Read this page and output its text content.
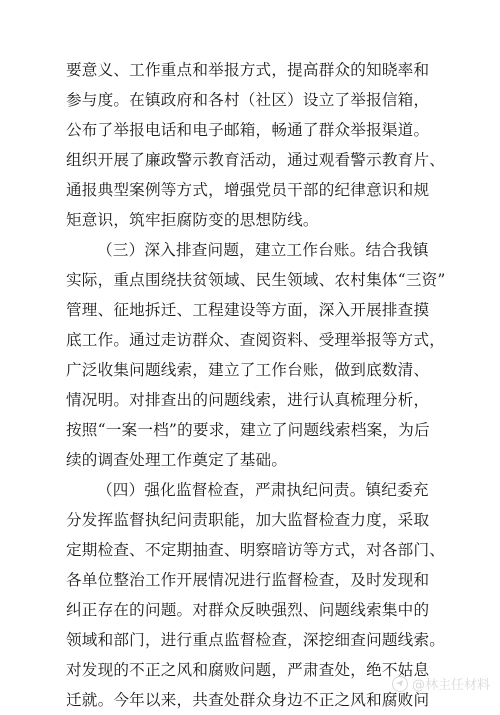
要意义、工作重点和举报方式，提高群众的知晓率和
参与度。在镇政府和各村（社区）设立了举报信箱，
公布了举报电话和电子邮箱，畅通了群众举报渠道。
组织开展了廉政警示教育活动，通过观看警示教育片、
通报典型案例等方式，增强党员干部的纪律意识和规
矩意识，筑牢拒腐防变的思想防线。
（三）深入排查问题，建立工作台账。结合我镇
实际，重点围绕扶贫领域、民生领域、农村集体“三资”
管理、征地拆迁、工程建设等方面，深入开展排查摸
底工作。通过走访群众、查阅资料、受理举报等方式，
广泛收集问题线索，建立了工作台账，做到底数清、
情况明。对排查出的问题线索，进行认真梳理分析，
按照“一案一档”的要求，建立了问题线索档案，为后
续的调查处理工作奠定了基础。
（四）强化监督检查，严肃执纪问责。镇纪委充
分发挥监督执纪问责职能，加大监督检查力度，采取
定期检查、不定期抽查、明察暗访等方式，对各部门、
各单位整治工作开展情况进行监督检查，及时发现和
纠正存在的问题。对群众反映强烈、问题线索集中的
领域和部门，进行重点监督检查，深挖细查问题线索。
对发现的不正之风和腐败问题，严肃查处，绝不姑息
迁就。今年以来，共查处群众身边不正之风和腐败问
@林主任材料
